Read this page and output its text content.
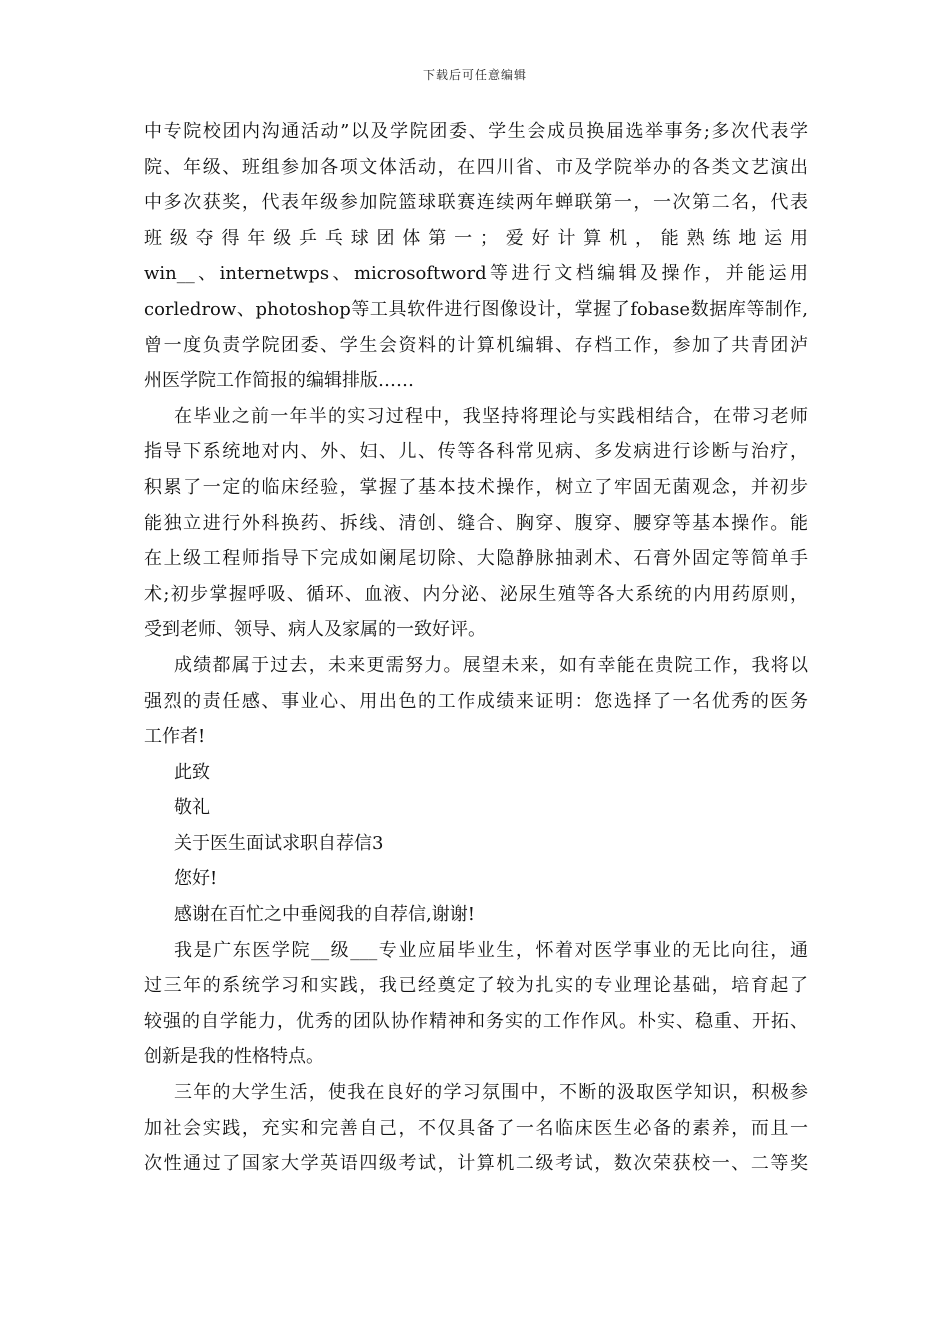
下载后可任意编辑
中专院校团内沟通活动”以及学院团委、学生会成员换届选举事务;多次代表学
院、年级、班组参加各项文体活动，在四川省、市及学院举办的各类文艺演出
中多次获奖，代表年级参加院篮球联赛连续两年蝉联第一，一次第二名，代表
班级夺得年级乒乓球团体第一；爱好计算机，能熟练地运用
win__、internetwps、microsoftword等进行文档编辑及操作，并能运用
corledrow、photoshop等工具软件进行图像设计，掌握了fobase数据库等制作,
曾一度负责学院团委、学生会资料的计算机编辑、存档工作，参加了共青团泸
州医学院工作简报的编辑排版……
在毕业之前一年半的实习过程中，我坚持将理论与实践相结合，在带习老师
指导下系统地对内、外、妇、儿、传等各科常见病、多发病进行诊断与治疗，
积累了一定的临床经验，掌握了基本技术操作，树立了牢固无菌观念，并初步
能独立进行外科换药、拆线、清创、缝合、胸穿、腹穿、腰穿等基本操作。能
在上级工程师指导下完成如阑尾切除、大隐静脉抽剥术、石膏外固定等简单手
术;初步掌握呼吸、循环、血液、内分泌、泌尿生殖等各大系统的内用药原则，
受到老师、领导、病人及家属的一致好评。
成绩都属于过去，未来更需努力。展望未来，如有幸能在贵院工作，我将以
强烈的责任感、事业心、用出色的工作成绩来证明：您选择了一名优秀的医务
工作者!
此致
敬礼
关于医生面试求职自荐信3
您好!
感谢在百忙之中垂阅我的自荐信,谢谢!
我是广东医学院__级___专业应届毕业生，怀着对医学事业的无比向往，通
过三年的系统学习和实践，我已经奠定了较为扎实的专业理论基础，培育起了
较强的自学能力，优秀的团队协作精神和务实的工作作风。朴实、稳重、开拓、
创新是我的性格特点。
三年的大学生活，使我在良好的学习氛围中，不断的汲取医学知识，积极参
加社会实践，充实和完善自己，不仅具备了一名临床医生必备的素养，而且一
次性通过了国家大学英语四级考试，计算机二级考试，数次荣获校一、二等奖
